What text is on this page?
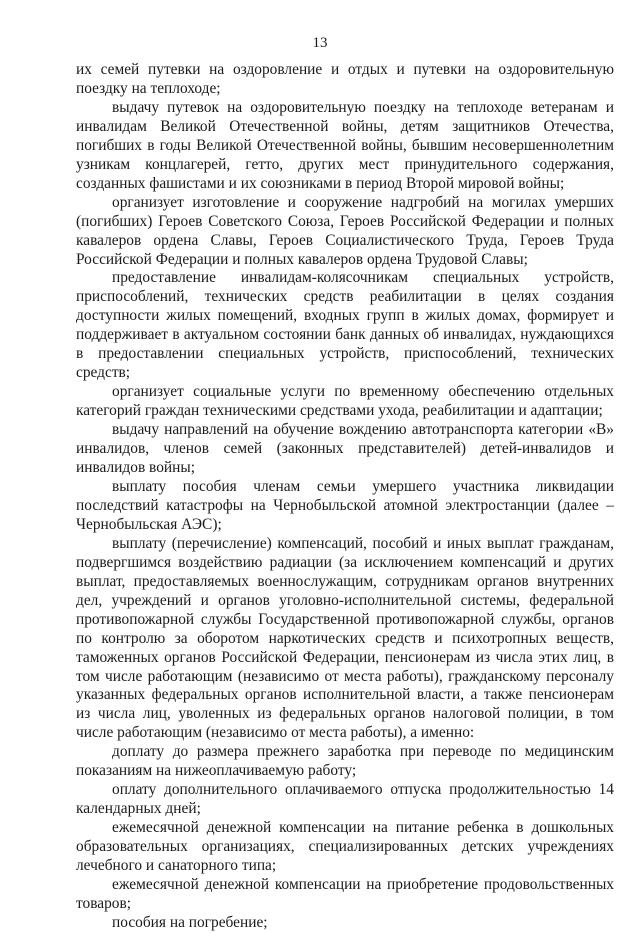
13

их семей путевки на оздоровление и отдых и путевки на оздоровительную поездку на теплоходе;

выдачу путевок на оздоровительную поездку на теплоходе ветеранам и инвалидам Великой Отечественной войны, детям защитников Отечества, погибших в годы Великой Отечественной войны, бывшим несовершеннолетним узникам концлагерей, гетто, других мест принудительного содержания, созданных фашистами и их союзниками в период Второй мировой войны;

организует изготовление и сооружение надгробий на могилах умерших (погибших) Героев Советского Союза, Героев Российской Федерации и полных кавалеров ордена Славы, Героев Социалистического Труда, Героев Труда Российской Федерации и полных кавалеров ордена Трудовой Славы;

предоставление инвалидам-колясочникам специальных устройств, приспособлений, технических средств реабилитации в целях создания доступности жилых помещений, входных групп в жилых домах, формирует и поддерживает в актуальном состоянии банк данных об инвалидах, нуждающихся в предоставлении специальных устройств, приспособлений, технических средств;

организует социальные услуги по временному обеспечению отдельных категорий граждан техническими средствами ухода, реабилитации и адаптации;

выдачу направлений на обучение вождению автотранспорта категории «В» инвалидов, членов семей (законных представителей) детей-инвалидов и инвалидов войны;

выплату пособия членам семьи умершего участника ликвидации последствий катастрофы на Чернобыльской атомной электростанции (далее – Чернобыльская АЭС);

выплату (перечисление) компенсаций, пособий и иных выплат гражданам, подвергшимся воздействию радиации (за исключением компенсаций и других выплат, предоставляемых военнослужащим, сотрудникам органов внутренних дел, учреждений и органов уголовно-исполнительной системы, федеральной противопожарной службы Государственной противопожарной службы, органов по контролю за оборотом наркотических средств и психотропных веществ, таможенных органов Российской Федерации, пенсионерам из числа этих лиц, в том числе работающим (независимо от места работы), гражданскому персоналу указанных федеральных органов исполнительной власти, а также пенсионерам из числа лиц, уволенных из федеральных органов налоговой полиции, в том числе работающим (независимо от места работы), а именно:

доплату до размера прежнего заработка при переводе по медицинским показаниям на нижеоплачиваемую работу;

оплату дополнительного оплачиваемого отпуска продолжительностью 14 календарных дней;

ежемесячной денежной компенсации на питание ребенка в дошкольных образовательных организациях, специализированных детских учреждениях лечебного и санаторного типа;

ежемесячной денежной компенсации на приобретение продовольственных товаров;

пособия на погребение;
